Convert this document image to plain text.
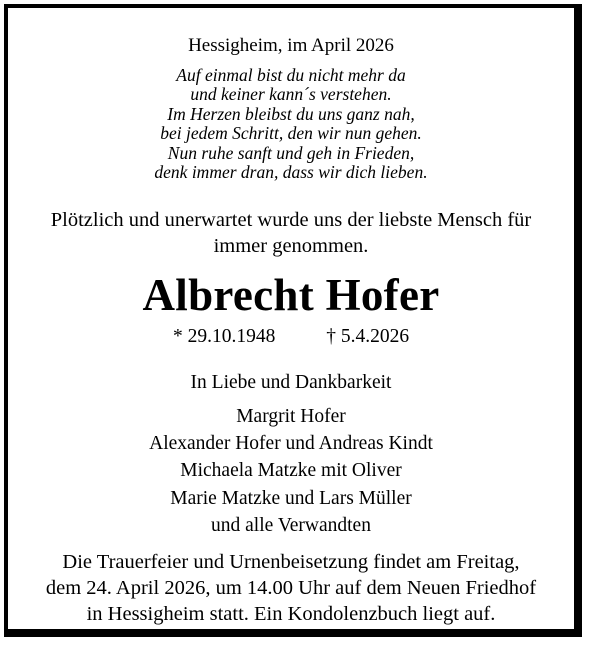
Hessigheim, im April 2026
Auf einmal bist du nicht mehr da
und keiner kann´s verstehen.
Im Herzen bleibst du uns ganz nah,
bei jedem Schritt, den wir nun gehen.
Nun ruhe sanft und geh in Frieden,
denk immer dran, dass wir dich lieben.
Plötzlich und unerwartet wurde uns der liebste Mensch für
immer genommen.
Albrecht Hofer
* 29.10.1948	† 5.4.2026
In Liebe und Dankbarkeit
Margrit Hofer
Alexander Hofer und Andreas Kindt
Michaela Matzke mit Oliver
Marie Matzke und Lars Müller
und alle Verwandten
Die Trauerfeier und Urnenbeisetzung findet am Freitag,
dem 24. April 2026, um 14.00 Uhr auf dem Neuen Friedhof
in Hessigheim statt. Ein Kondolenzbuch liegt auf.
